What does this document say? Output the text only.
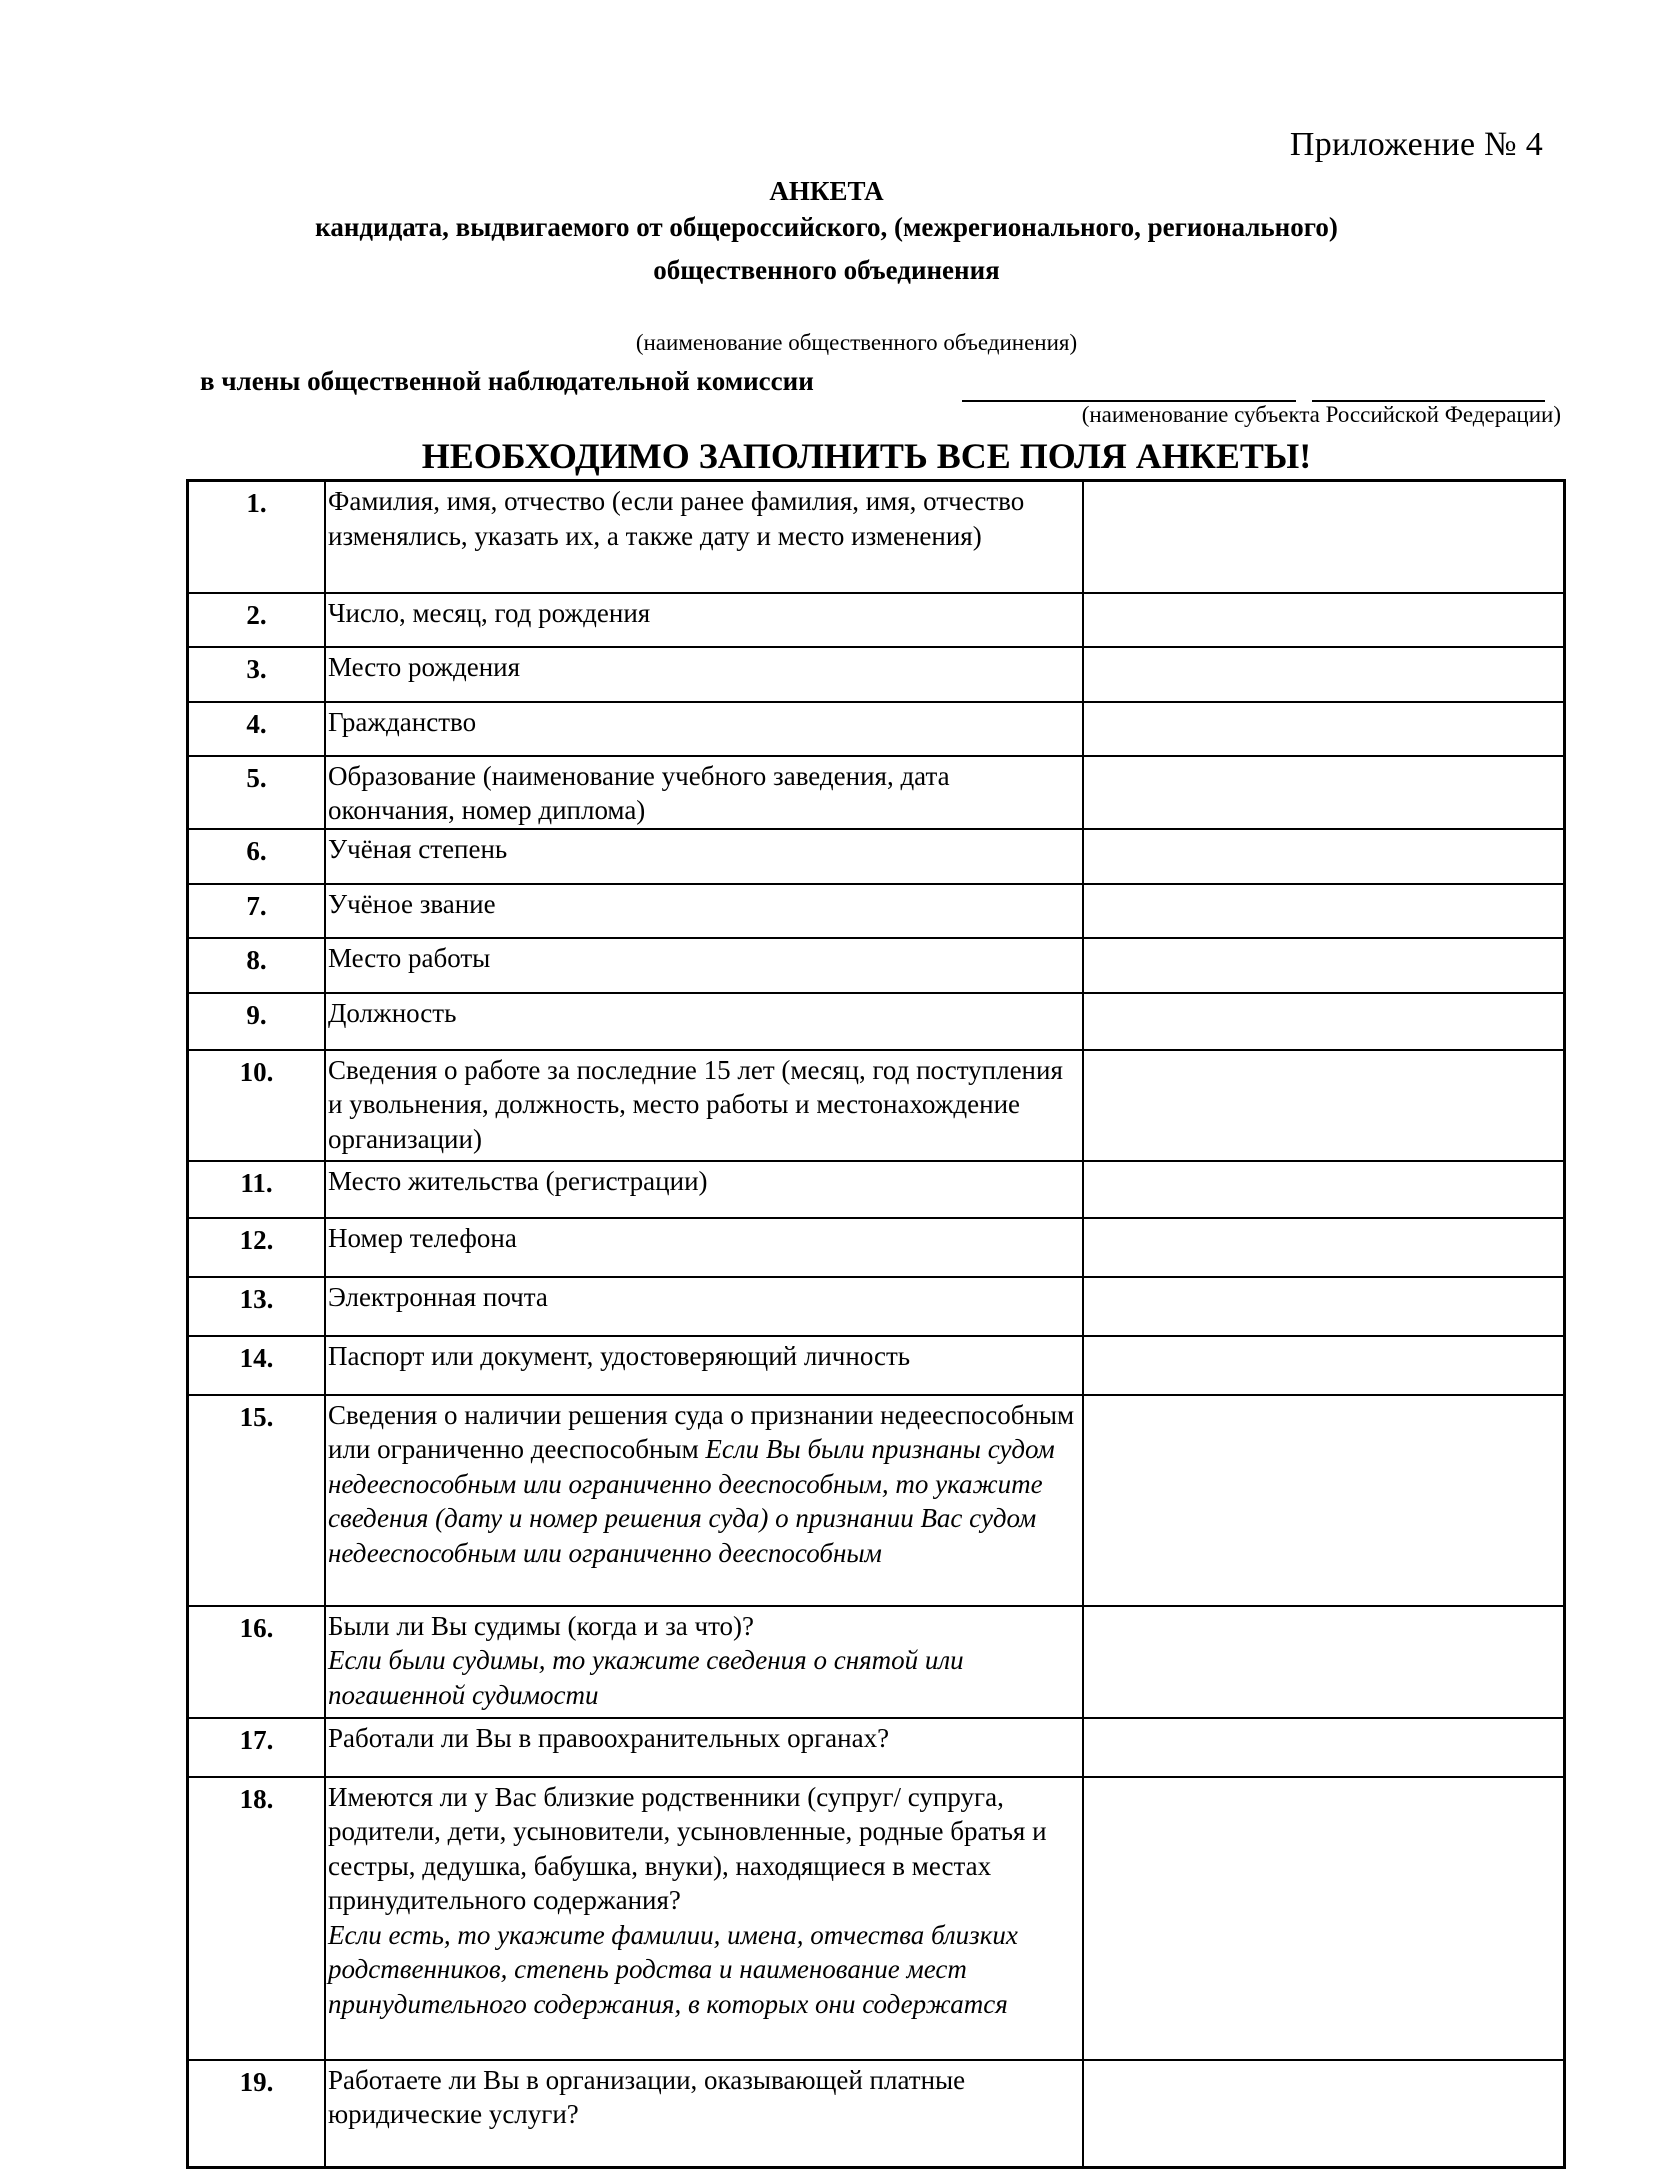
Приложение № 4
АНКЕТА
кандидата, выдвигаемого от общероссийского, (межрегионального, регионального)
общественного объединения
(наименование общественного объединения)
в члены общественной наблюдательной комиссии
(наименование субъекта Российской Федерации)
НЕОБХОДИМО ЗАПОЛНИТЬ ВСЕ ПОЛЯ АНКЕТЫ!
1.	Фамилия, имя, отчество (если ранее фамилия, имя, отчество изменялись, указать их, а также дату и место изменения)	
2.	Число, месяц, год рождения	
3.	Место рождения	
4.	Гражданство	
5.	Образование (наименование учебного заведения, дата окончания, номер диплома)	
6.	Учёная степень	
7.	Учёное звание	
8.	Место работы	
9.	Должность	
10.	Сведения о работе за последние 15 лет (месяц, год поступления и увольнения, должность, место работы и местонахождение организации)	
11.	Место жительства (регистрации)	
12.	Номер телефона	
13.	Электронная почта	
14.	Паспорт или документ, удостоверяющий личность	
15.	Сведения о наличии решения суда о признании недееспособным или ограниченно дееспособным Если Вы были признаны судом недееспособным или ограниченно дееспособным, то укажите сведения (дату и номер решения суда) о признании Вас судом недееспособным или ограниченно дееспособным	
16.	Были ли Вы судимы (когда и за что)?
Если были судимы, то укажите сведения о снятой или погашенной судимости	

17.	Работали ли Вы в правоохранительных органах?	
18.	Имеются ли у Вас близкие родственники (супруг/ супруга, родители, дети, усыновители, усыновленные, родные братья и сестры, дедушка, бабушка, внуки), находящиеся в местах принудительного содержания?
Если есть, то укажите фамилии, имена, отчества близких родственников, степень родства и наименование мест принудительного содержания, в которых они содержатся	

19.	Работаете ли Вы в организации, оказывающей платные юридические услуги?	
